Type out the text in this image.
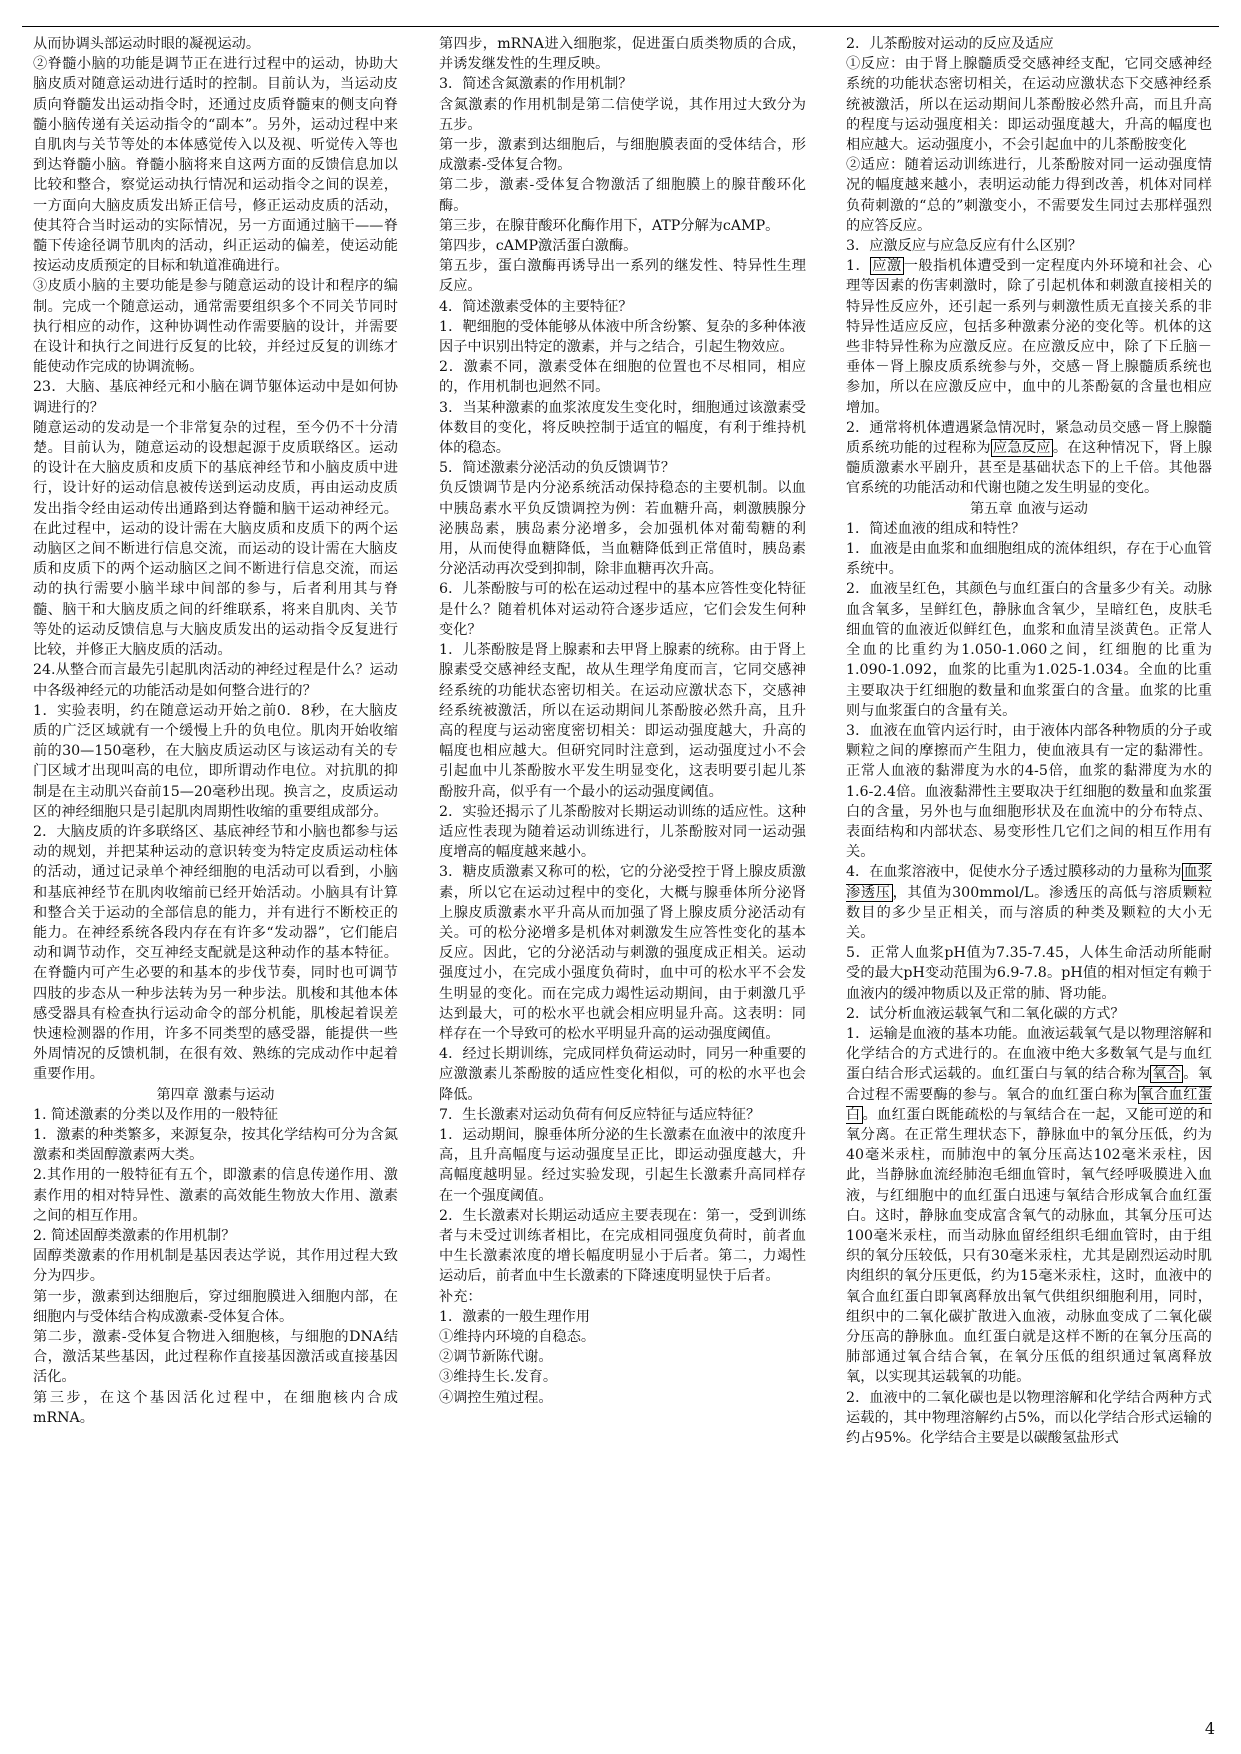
从而协调头部运动时眼的凝视运动。

②脊髓小脑的功能是调节正在进行过程中的运动，协助大脑皮质对随意运动进行适时的控制。目前认为，当运动皮质向脊髓发出运动指令时，还通过皮质脊髓束的侧支向脊髓小脑传递有关运动指令的“副本”。另外，运动过程中来自肌肉与关节等处的本体感觉传入以及视、听觉传入等也到达脊髓小脑。脊髓小脑将来自这两方面的反馈信息加以比较和整合，察觉运动执行情况和运动指令之间的误差，一方面向大脑皮质发出矫正信号，修正运动皮质的活动，使其符合当时运动的实际情况，另一方面通过脑干——脊髓下传途径调节肌肉的活动，纠正运动的偏差，使运动能按运动皮质预定的目标和轨道准确进行。

③皮质小脑的主要功能是参与随意运动的设计和程序的编制。完成一个随意运动，通常需要组织多个不同关节同时执行相应的动作，这种协调性动作需要脑的设计，并需要在设计和执行之间进行反复的比较，并经过反复的训练才能使动作完成的协调流畅。

23．大脑、基底神经元和小脑在调节躯体运动中是如何协调进行的？

随意运动的发动是一个非常复杂的过程，至今仍不十分清楚。目前认为，随意运动的设想起源于皮质联络区。运动的设计在大脑皮质和皮质下的基底神经节和小脑皮质中进行，设计好的运动信息被传送到运动皮质，再由运动皮质发出指令经由运动传出通路到达脊髓和脑干运动神经元。在此过程中，运动的设计需在大脑皮质和皮质下的两个运动脑区之间不断进行信息交流，而运动的设计需在大脑皮质和皮质下的两个运动脑区之间不断进行信息交流，而运动的执行需要小脑半球中间部的参与，后者利用其与脊髓、脑干和大脑皮质之间的纤维联系，将来自肌肉、关节等处的运动反馈信息与大脑皮质发出的运动指令反复进行比较，并修正大脑皮质的活动。

24.从整合而言最先引起肌肉活动的神经过程是什么？运动中各级神经元的功能活动是如何整合进行的？

1．实验表明，约在随意运动开始之前0．8秒，在大脑皮质的广泛区域就有一个缓慢上升的负电位。肌肉开始收缩前的30—150毫秒，在大脑皮质运动区与该运动有关的专门区域才出现叫高的电位，即所谓动作电位。对抗肌的抑制是在主动肌兴奋前15—20毫秒出现。换言之，皮质运动区的神经细胞只是引起肌肉周期性收缩的重要组成部分。

2．大脑皮质的许多联络区、基底神经节和小脑也都参与运动的规划，并把某种运动的意识转变为特定皮质运动柱体的活动，通过记录单个神经细胞的电活动可以看到，小脑和基底神经节在肌肉收缩前已经开始活动。小脑具有计算和整合关于运动的全部信息的能力，并有进行不断校正的能力。在神经系统各段内存在有许多“发动器”，它们能启动和调节动作，交互神经支配就是这种动作的基本特征。在脊髓内可产生必要的和基本的步伐节奏，同时也可调节四肢的步态从一种步法转为另一种步法。肌梭和其他本体感受器具有检查执行运动命令的部分机能，肌梭起着误差快速检测器的作用，许多不同类型的感受器，能提供一些外周情况的反馈机制，在很有效、熟练的完成动作中起着重要作用。

第四章 激素与运动

1. 简述激素的分类以及作用的一般特征

1．激素的种类繁多，来源复杂，按其化学结构可分为含氮激素和类固醇激素两大类。

2.其作用的一般特征有五个，即激素的信息传递作用、激素作用的相对特异性、激素的高效能生物放大作用、激素之间的相互作用。

2. 简述固醇类激素的作用机制？

固醇类激素的作用机制是基因表达学说，其作用过程大致分为四步。

第一步，激素到达细胞后，穿过细胞膜进入细胞内部，在细胞内与受体结合构成激素-受体复合体。

第二步，激素-受体复合物进入细胞核，与细胞的DNA结合，激活某些基因，此过程称作直接基因激活或直接基因活化。

第三步，在这个基因活化过程中，在细胞核内合成mRNA。

第四步，mRNA进入细胞浆，促进蛋白质类物质的合成，并诱发继发性的生理反映。

3．简述含氮激素的作用机制？

含氮激素的作用机制是第二信使学说，其作用过大致分为五步。

第一步，激素到达细胞后，与细胞膜表面的受体结合，形成激素-受体复合物。

第二步，激素-受体复合物激活了细胞膜上的腺苷酸环化酶。

第三步，在腺苷酸环化酶作用下，ATP分解为cAMP。

第四步，cAMP激活蛋白激酶。

第五步，蛋白激酶再诱导出一系列的继发性、特异性生理反应。

4．简述激素受体的主要特征？

1．靶细胞的受体能够从体液中所含纷繁、复杂的多种体液因子中识别出特定的激素，并与之结合，引起生物效应。

2．激素不同，激素受体在细胞的位置也不尽相同，相应的，作用机制也迥然不同。

3．当某种激素的血浆浓度发生变化时，细胞通过该激素受体数目的变化，将反映控制于适宜的幅度，有利于维持机体的稳态。

5．简述激素分泌活动的负反馈调节？

负反馈调节是内分泌系统活动保持稳态的主要机制。以血中胰岛素水平负反馈调控为例：若血糖升高，刺激胰腺分泌胰岛素，胰岛素分泌增多，会加强机体对葡萄糖的利用，从而使得血糖降低，当血糖降低到正常值时，胰岛素分泌活动再次受到抑制，除非血糖再次升高。

6．儿茶酚胺与可的松在运动过程中的基本应答性变化特征是什么？随着机体对运动符合逐步适应，它们会发生何种变化？

1．儿茶酚胺是肾上腺素和去甲肾上腺素的统称。由于肾上腺素受交感神经支配，故从生理学角度而言，它同交感神经系统的功能状态密切相关。在运动应激状态下，交感神经系统被激活，所以在运动期间儿茶酚胺必然升高，且升高的程度与运动密度密切相关：即运动强度越大，升高的幅度也相应越大。但研究同时注意到，运动强度过小不会引起血中儿茶酚胺水平发生明显变化，这表明要引起儿茶酚胺升高，似乎有一个最小的运动强度阈值。

2．实验还揭示了儿茶酚胺对长期运动训练的适应性。这种适应性表现为随着运动训练进行，儿茶酚胺对同一运动强度增高的幅度越来越小。

3．糖皮质激素又称可的松，它的分泌受控于肾上腺皮质激素，所以它在运动过程中的变化，大概与腺垂体所分泌肾上腺皮质激素水平升高从而加强了肾上腺皮质分泌活动有关。可的松分泌增多是机体对刺激发生应答性变化的基本反应。因此，它的分泌活动与刺激的强度成正相关。运动强度过小，在完成小强度负荷时，血中可的松水平不会发生明显的变化。而在完成力竭性运动期间，由于刺激几乎达到最大，可的松水平也就会相应明显升高。这表明：同样存在一个导致可的松水平明显升高的运动强度阈值。

4．经过长期训练，完成同样负荷运动时，同另一种重要的应激激素儿茶酚胺的适应性变化相似，可的松的水平也会降低。

7．生长激素对运动负荷有何反应特征与适应特征？

1．运动期间，腺垂体所分泌的生长激素在血液中的浓度升高，且升高幅度与运动强度呈正比，即运动强度越大，升高幅度越明显。经过实验发现，引起生长激素升高同样存在一个强度阈值。

2．生长激素对长期运动适应主要表现在：第一，受到训练者与未受过训练者相比，在完成相同强度负荷时，前者血中生长激素浓度的增长幅度明显小于后者。第二，力竭性运动后，前者血中生长激素的下降速度明显快于后者。

补充：

1．激素的一般生理作用

①维持内环境的自稳态。

②调节新陈代谢。

③维持生长.发育。

④调控生殖过程。

2．儿茶酚胺对运动的反应及适应

①反应：由于肾上腺髓质受交感神经支配，它同交感神经系统的功能状态密切相关，在运动应激状态下交感神经系统被激活，所以在运动期间儿茶酚胺必然升高，而且升高的程度与运动强度相关：即运动强度越大，升高的幅度也相应越大。运动强度小，不会引起血中的儿茶酚胺变化

②适应：随着运动训练进行，儿茶酚胺对同一运动强度情况的幅度越来越小，表明运动能力得到改善，机体对同样负荷刺激的“总的”刺激变小，不需要发生同过去那样强烈的应答反应。

3．应激反应与应急反应有什么区别？

1． 应激 一般指机体遭受到一定程度内外环境和社会、心理等因素的伤害刺激时，除了引起机体和刺激直接相关的特异性反应外，还引起一系列与刺激性质无直接关系的非特异性适应反应，包括多种激素分泌的变化等。机体的这些非特异性称为应激反应。在应激反应中，除了下丘脑－垂体－肾上腺皮质系统参与外，交感－肾上腺髓质系统也参加，所以在应激反应中，血中的儿茶酚氨的含量也相应增加。

2．通常将机体遭遇紧急情况时，紧急动员交感－肾上腺髓质系统功能的过程称为 应急反应 。在这种情况下，肾上腺髓质激素水平剧升，甚至是基础状态下的上千倍。其他器官系统的功能活动和代谢也随之发生明显的变化。

第五章 血液与运动

1．简述血液的组成和特性？

1．血液是由血浆和血细胞组成的流体组织，存在于心血管系统中。

2．血液呈红色，其颜色与血红蛋白的含量多少有关。动脉血含氧多，呈鲜红色，静脉血含氧少，呈暗红色，皮肤毛细血管的血液近似鲜红色，血浆和血清呈淡黄色。正常人全血的比重约为1.050-1.060之间，红细胞的比重为1.090-1.092，血浆的比重为1.025-1.034。全血的比重主要取决于红细胞的数量和血浆蛋白的含量。血浆的比重则与血浆蛋白的含量有关。

3．血液在血管内运行时，由于液体内部各种物质的分子或颗粒之间的摩擦而产生阻力，使血液具有一定的黏滞性。正常人血液的黏滞度为水的4-5倍，血浆的黏滞度为水的1.6-2.4倍。血液黏滞性主要取决于红细胞的数量和血浆蛋白的含量，另外也与血细胞形状及在血流中的分布特点、表面结构和内部状态、易变形性几它们之间的相互作用有关。

4．在血浆溶液中，促使水分子透过膜移动的力量称为 血浆渗透压 ，其值为300mmol/L。渗透压的高低与溶质颗粒数目的多少呈正相关，而与溶质的种类及颗粒的大小无关。

5．正常人血浆pH值为7.35-7.45，人体生命活动所能耐受的最大pH变动范围为6.9-7.8。pH值的相对恒定有赖于血液内的缓冲物质以及正常的肺、肾功能。

2．试分析血液运载氧气和二氧化碳的方式？

1．运输是血液的基本功能。血液运载氧气是以物理溶解和化学结合的方式进行的。在血液中绝大多数氧气是与血红蛋白结合形式运载的。血红蛋白与氧的结合称为 氧合 。氧合过程不需要酶的参与。氧合的血红蛋白称为 氧合血红蛋白 。血红蛋白既能疏松的与氧结合在一起，又能可逆的和氧分离。在正常生理状态下，静脉血中的氧分压低，约为40毫米汞柱，而肺泡中的氧分压高达102毫米汞柱，因此，当静脉血流经肺泡毛细血管时，氧气经呼吸膜进入血液，与红细胞中的血红蛋白迅速与氧结合形成氧合血红蛋白。这时，静脉血变成富含氧气的动脉血，其氧分压可达100毫米汞柱，而当动脉血留经组织毛细血管时，由于组织的氧分压较低，只有30毫米汞柱，尤其是剧烈运动时肌肉组织的氧分压更低，约为15毫米汞柱，这时，血液中的氧合血红蛋白即氧离释放出氧气供组织细胞利用，同时，组织中的二氧化碳扩散进入血液，动脉血变成了二氧化碳分压高的静脉血。血红蛋白就是这样不断的在氧分压高的肺部通过氧合结合氧，在氧分压低的组织通过氧离释放氧，以实现其运载氧的功能。

2．血液中的二氧化碳也是以物理溶解和化学结合两种方式运载的，其中物理溶解约占5%，而以化学结合形式运输的约占95%。化学结合主要是以碳酸氢盐形式

4
